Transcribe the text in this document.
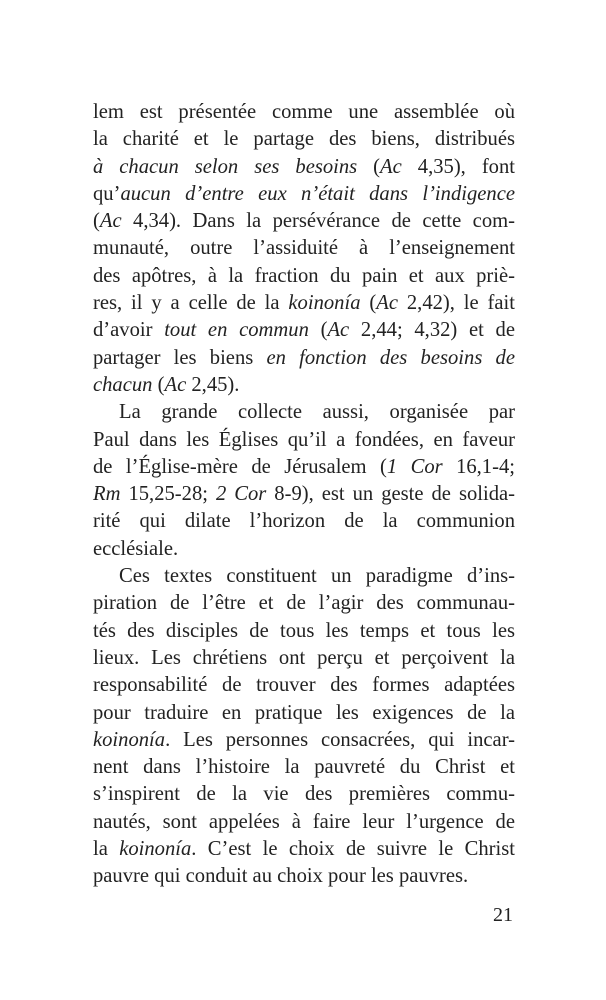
lem est présentée comme une assemblée où
la charité et le partage des biens, distribués
à chacun selon ses besoins (Ac 4,35), font
qu’aucun d’entre eux n’était dans l’indigence
(Ac 4,34). Dans la persévérance de cette com-
munauté, outre l’assiduité à l’enseignement
des apôtres, à la fraction du pain et aux priè-
res, il y a celle de la koinonía (Ac 2,42), le fait
d’avoir tout en commun (Ac 2,44; 4,32) et de
partager les biens en fonction des besoins de
chacun (Ac 2,45).
La grande collecte aussi, organisée par
Paul dans les Églises qu’il a fondées, en faveur
de l’Église-mère de Jérusalem (1 Cor 16,1-4;
Rm 15,25-28; 2 Cor 8-9), est un geste de solida-
rité qui dilate l’horizon de la communion
ecclésiale.
Ces textes constituent un paradigme d’ins-
piration de l’être et de l’agir des communau-
tés des disciples de tous les temps et tous les
lieux. Les chrétiens ont perçu et perçoivent la
responsabilité de trouver des formes adaptées
pour traduire en pratique les exigences de la
koinonía. Les personnes consacrées, qui incar-
nent dans l’histoire la pauvreté du Christ et
s’inspirent de la vie des premières commu-
nautés, sont appelées à faire leur l’urgence de
la koinonía. C’est le choix de suivre le Christ
pauvre qui conduit au choix pour les pauvres.
21
